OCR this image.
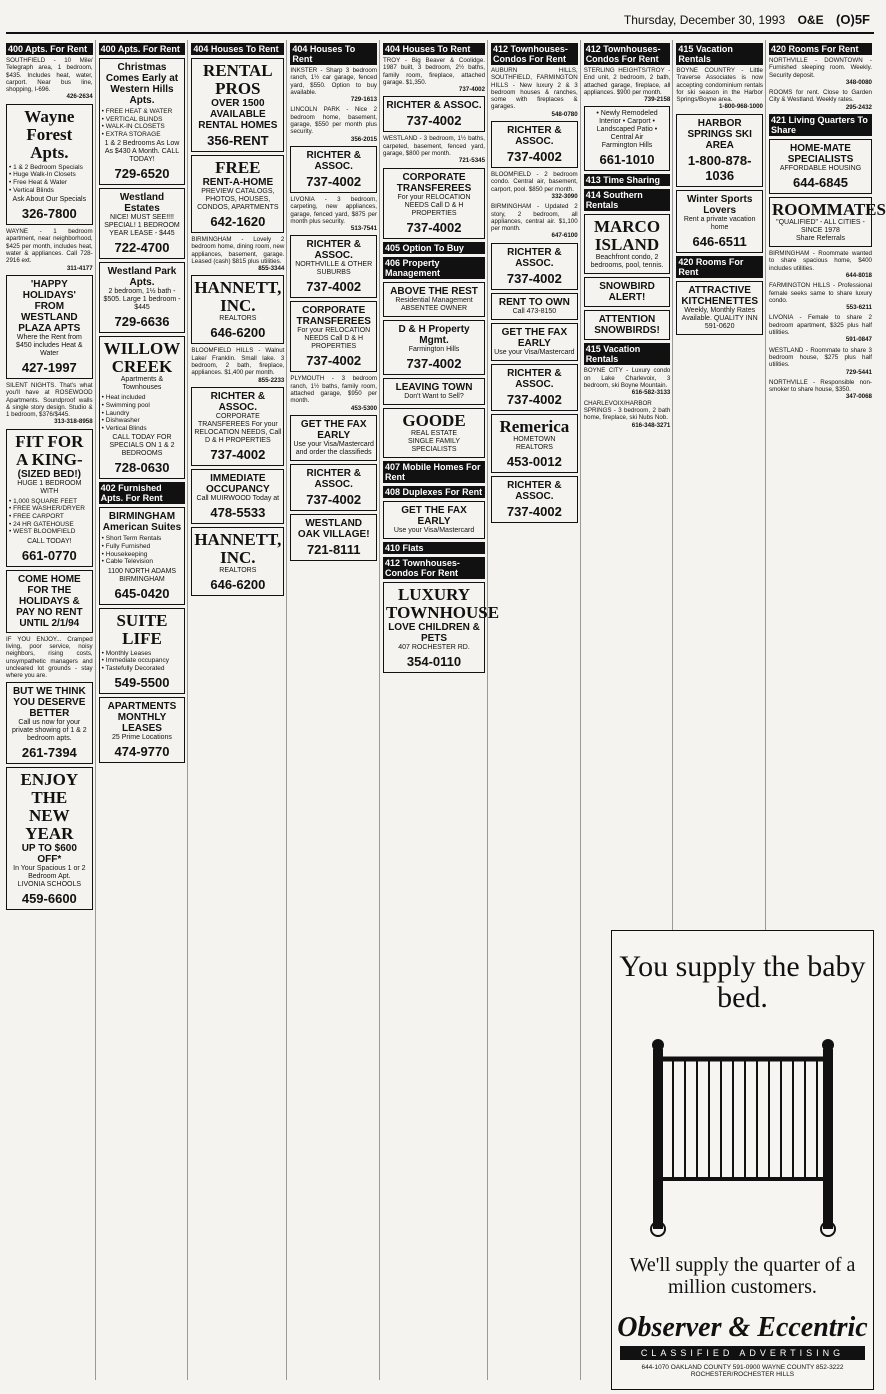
Thursday, December 30, 1993 O&E (O)5F
400 Apts. For Rent
SOUTHFIELD - 10 Mile/ Telegraph area, 1 bedroom, $435. Includes heat, water, carport. Near bus line, shopping, I-696.
426-2634
Wayne Forest Apts.
• 1 & 2 Bedroom Specials
• Huge Walk-In Closets
• Free Heat & Water
• Vertical Blinds
Ask About Our Specials
326-7800
WAYNE - 1 bedroom apartment, near neighborhood, $425 per month, includes heat, water & appliances. Call 728-2916 ext.
311-4177
'HAPPY HOLIDAYS' FROM WESTLAND PLAZA APTS
Where the Rent from $450 includes Heat & Water
427-1997
SILENT NIGHTS. That's what you'll have at ROSEWOOD Apartments. Soundproof walls & single story design. Studio & 1 bedroom, $376/$445.
313-318-8958
FIT FOR A KING-
(SIZED BED!)
HUGE 1 BEDROOM WITH
• 1,000 SQUARE FEET
• FREE WASHER/DRYER
• FREE CARPORT
• 24 HR GATEHOUSE
• WEST BLOOMFIELD
CALL TODAY!
661-0770
COME HOME FOR THE HOLIDAYS & PAY NO RENT UNTIL 2/1/94
IF YOU ENJOY... Cramped living, poor service, noisy neighbors, rising costs, unsympathetic managers and uncleared lot grounds - stay where you are.
BUT WE THINK YOU DESERVE BETTER
Call us now for your private showing of 1 & 2 bedroom apts.
261-7394
ENJOY THE NEW YEAR
UP TO $600 OFF*
In Your Spacious 1 or 2 Bedroom Apt.
LIVONIA SCHOOLS
459-6600
400 Apts. For Rent
Christmas Comes Early at Western Hills Apts.
• FREE HEAT & WATER
• VERTICAL BLINDS
• WALK-IN CLOSETS
• EXTRA STORAGE
1 & 2 Bedrooms As Low As $430 A Month. CALL TODAY!
729-6520
Westland Estates
NICE! MUST SEE!!!! SPECIAL! 1 BEDROOM YEAR LEASE - $445
722-4700
Westland Park Apts.
2 bedroom, 1½ bath - $505. Large 1 bedroom - $445
729-6636
WILLOW CREEK
Apartments & Townhouses
• Heat included
• Swimming pool
• Laundry
• Dishwasher
• Vertical Blinds
CALL TODAY FOR SPECIALS ON 1 & 2 BEDROOMS
728-0630
402 Furnished Apts. For Rent
BIRMINGHAM American Suites
• Short Term Rentals
• Fully Furnished
• Housekeeping
• Cable Television
1100 NORTH ADAMS BIRMINGHAM
645-0420
SUITE LIFE
• Monthly Leases
• Immediate occupancy
• Tastefully Decorated
549-5500
APARTMENTS MONTHLY LEASES
25 Prime Locations
474-9770
404 Houses To Rent
RENTAL PROS
OVER 1500 AVAILABLE RENTAL HOMES
356-RENT
FREE
RENT-A-HOME
PREVIEW CATALOGS, PHOTOS, HOUSES, CONDOS, APARTMENTS
642-1620
BIRMINGHAM - Lovely 2 bedroom home, dining room, new appliances, basement, garage. Leased (cash) $815 plus utilities.
855-3344
HANNETT, INC.
REALTORS
646-6200
BLOOMFIELD HILLS - Walnut Lake/ Franklin. Small lake. 3 bedroom, 2 bath, fireplace, appliances. $1,400 per month.
855-2233
RICHTER & ASSOC.
CORPORATE TRANSFEREES For your RELOCATION NEEDS, Call D & H PROPERTIES
737-4002
IMMEDIATE OCCUPANCY
Call MUIRWOOD Today at
478-5533
HANNETT, INC.
REALTORS
646-6200
404 Houses To Rent
INKSTER - Sharp 3 bedroom ranch, 1½ car garage, fenced yard, $550. Option to buy available.
729-1613
LINCOLN PARK - Nice 2 bedroom home, basement, garage, $550 per month plus security.
356-2015
RICHTER & ASSOC.
737-4002
LIVONIA - 3 bedroom, carpeting, new appliances, garage, fenced yard, $875 per month plus security.
513-7541
RICHTER & ASSOC.
NORTHVILLE & OTHER SUBURBS
737-4002
CORPORATE TRANSFEREES
For your RELOCATION NEEDS Call D & H PROPERTIES
737-4002
PLYMOUTH - 3 bedroom ranch, 1½ baths, family room, attached garage, $950 per month.
453-5300
GET THE FAX EARLY
Use your Visa/Mastercard and order the classifieds
RICHTER & ASSOC.
737-4002
WESTLAND OAK VILLAGE!
721-8111
404 Houses To Rent
TROY - Big Beaver & Coolidge. 1987 built, 3 bedroom, 2½ baths, family room, fireplace, attached garage. $1,350.
737-4002
RICHTER & ASSOC.
737-4002
WESTLAND - 3 bedroom, 1½ baths, carpeted, basement, fenced yard, garage, $800 per month.
721-5345
CORPORATE TRANSFEREES
For your RELOCATION NEEDS Call D & H PROPERTIES
737-4002
405 Option To Buy
406 Property Management
ABOVE THE REST
Residential Management
ABSENTEE OWNER
D & H Property Mgmt.
Farmington Hills
737-4002
LEAVING TOWN
Don't Want to Sell?
GOODE
REAL ESTATE
SINGLE FAMILY SPECIALISTS
407 Mobile Homes For Rent
408 Duplexes For Rent
GET THE FAX EARLY
Use your Visa/Mastercard
410 Flats
412 Townhouses-Condos For Rent
LUXURY TOWNHOUSE
LOVE CHILDREN & PETS
407 ROCHESTER RD.
354-0110
412 Townhouses-Condos For Rent
AUBURN HILLS, SOUTHFIELD, FARMINGTON HILLS - New luxury 2 & 3 bedroom houses & ranches, some with fireplaces & garages.
548-0780
RICHTER & ASSOC.
737-4002
BLOOMFIELD - 2 bedroom condo. Central air, basement, carport, pool. $850 per month.
332-3090
BIRMINGHAM - Updated 2 story, 2 bedroom, all appliances, central air. $1,100 per month.
647-6100
RICHTER & ASSOC.
737-4002
RENT TO OWN
Call 473-8150
GET THE FAX EARLY
Use your Visa/Mastercard
RICHTER & ASSOC.
737-4002
Remerica
HOMETOWN REALTORS
453-0012
RICHTER & ASSOC.
737-4002
412 Townhouses-Condos For Rent
STERLING HEIGHTS/TROY - End unit, 2 bedroom, 2 bath, attached garage, fireplace, all appliances. $900 per month.
739-2158
• Newly Remodeled Interior • Carport • Landscaped Patio • Central Air
Farmington Hills
661-1010
413 Time Sharing
414 Southern Rentals
MARCO ISLAND
Beachfront condo, 2 bedrooms, pool, tennis.
SNOWBIRD ALERT!
ATTENTION SNOWBIRDS!
415 Vacation Rentals
BOYNE CITY - Luxury condo on Lake Charlevoix, 3 bedroom, ski Boyne Mountain.
616-582-3133
CHARLEVOIX/HARBOR SPRINGS - 3 bedroom, 2 bath home, fireplace, ski Nubs Nob.
616-348-3271
415 Vacation Rentals
BOYNE COUNTRY - Little Traverse Associates is now accepting condominium rentals for ski season in the Harbor Springs/Boyne area.
1-800-968-1000
HARBOR SPRINGS SKI AREA
1-800-878-1036
Winter Sports Lovers
Rent a private vacation home
646-6511
420 Rooms For Rent
ATTRACTIVE KITCHENETTES
Weekly, Monthly Rates Available. QUALITY INN 591-0620
420 Rooms For Rent
NORTHVILLE - DOWNTOWN - Furnished sleeping room. Weekly. Security deposit.
348-0080
ROOMS for rent. Close to Garden City & Westland. Weekly rates.
295-2432
421 Living Quarters To Share
HOME-MATE SPECIALISTS
AFFORDABLE HOUSING
644-6845
ROOMMATES
"QUALIFIED" - ALL CITIES - SINCE 1978
Share Referrals
BIRMINGHAM - Roommate wanted to share spacious home, $400 includes utilities.
644-8018
FARMINGTON HILLS - Professional female seeks same to share luxury condo.
553-6211
LIVONIA - Female to share 2 bedroom apartment, $325 plus half utilities.
591-0847
WESTLAND - Roommate to share 3 bedroom house, $275 plus half utilities.
729-5441
NORTHVILLE - Responsible non-smoker to share house, $350.
347-0068
You supply the baby bed.
We'll supply the quarter of a million customers.
Observer & Eccentric
CLASSIFIED ADVERTISING
644-1070 OAKLAND COUNTY 591-0900 WAYNE COUNTY 852-3222 ROCHESTER/ROCHESTER HILLS
